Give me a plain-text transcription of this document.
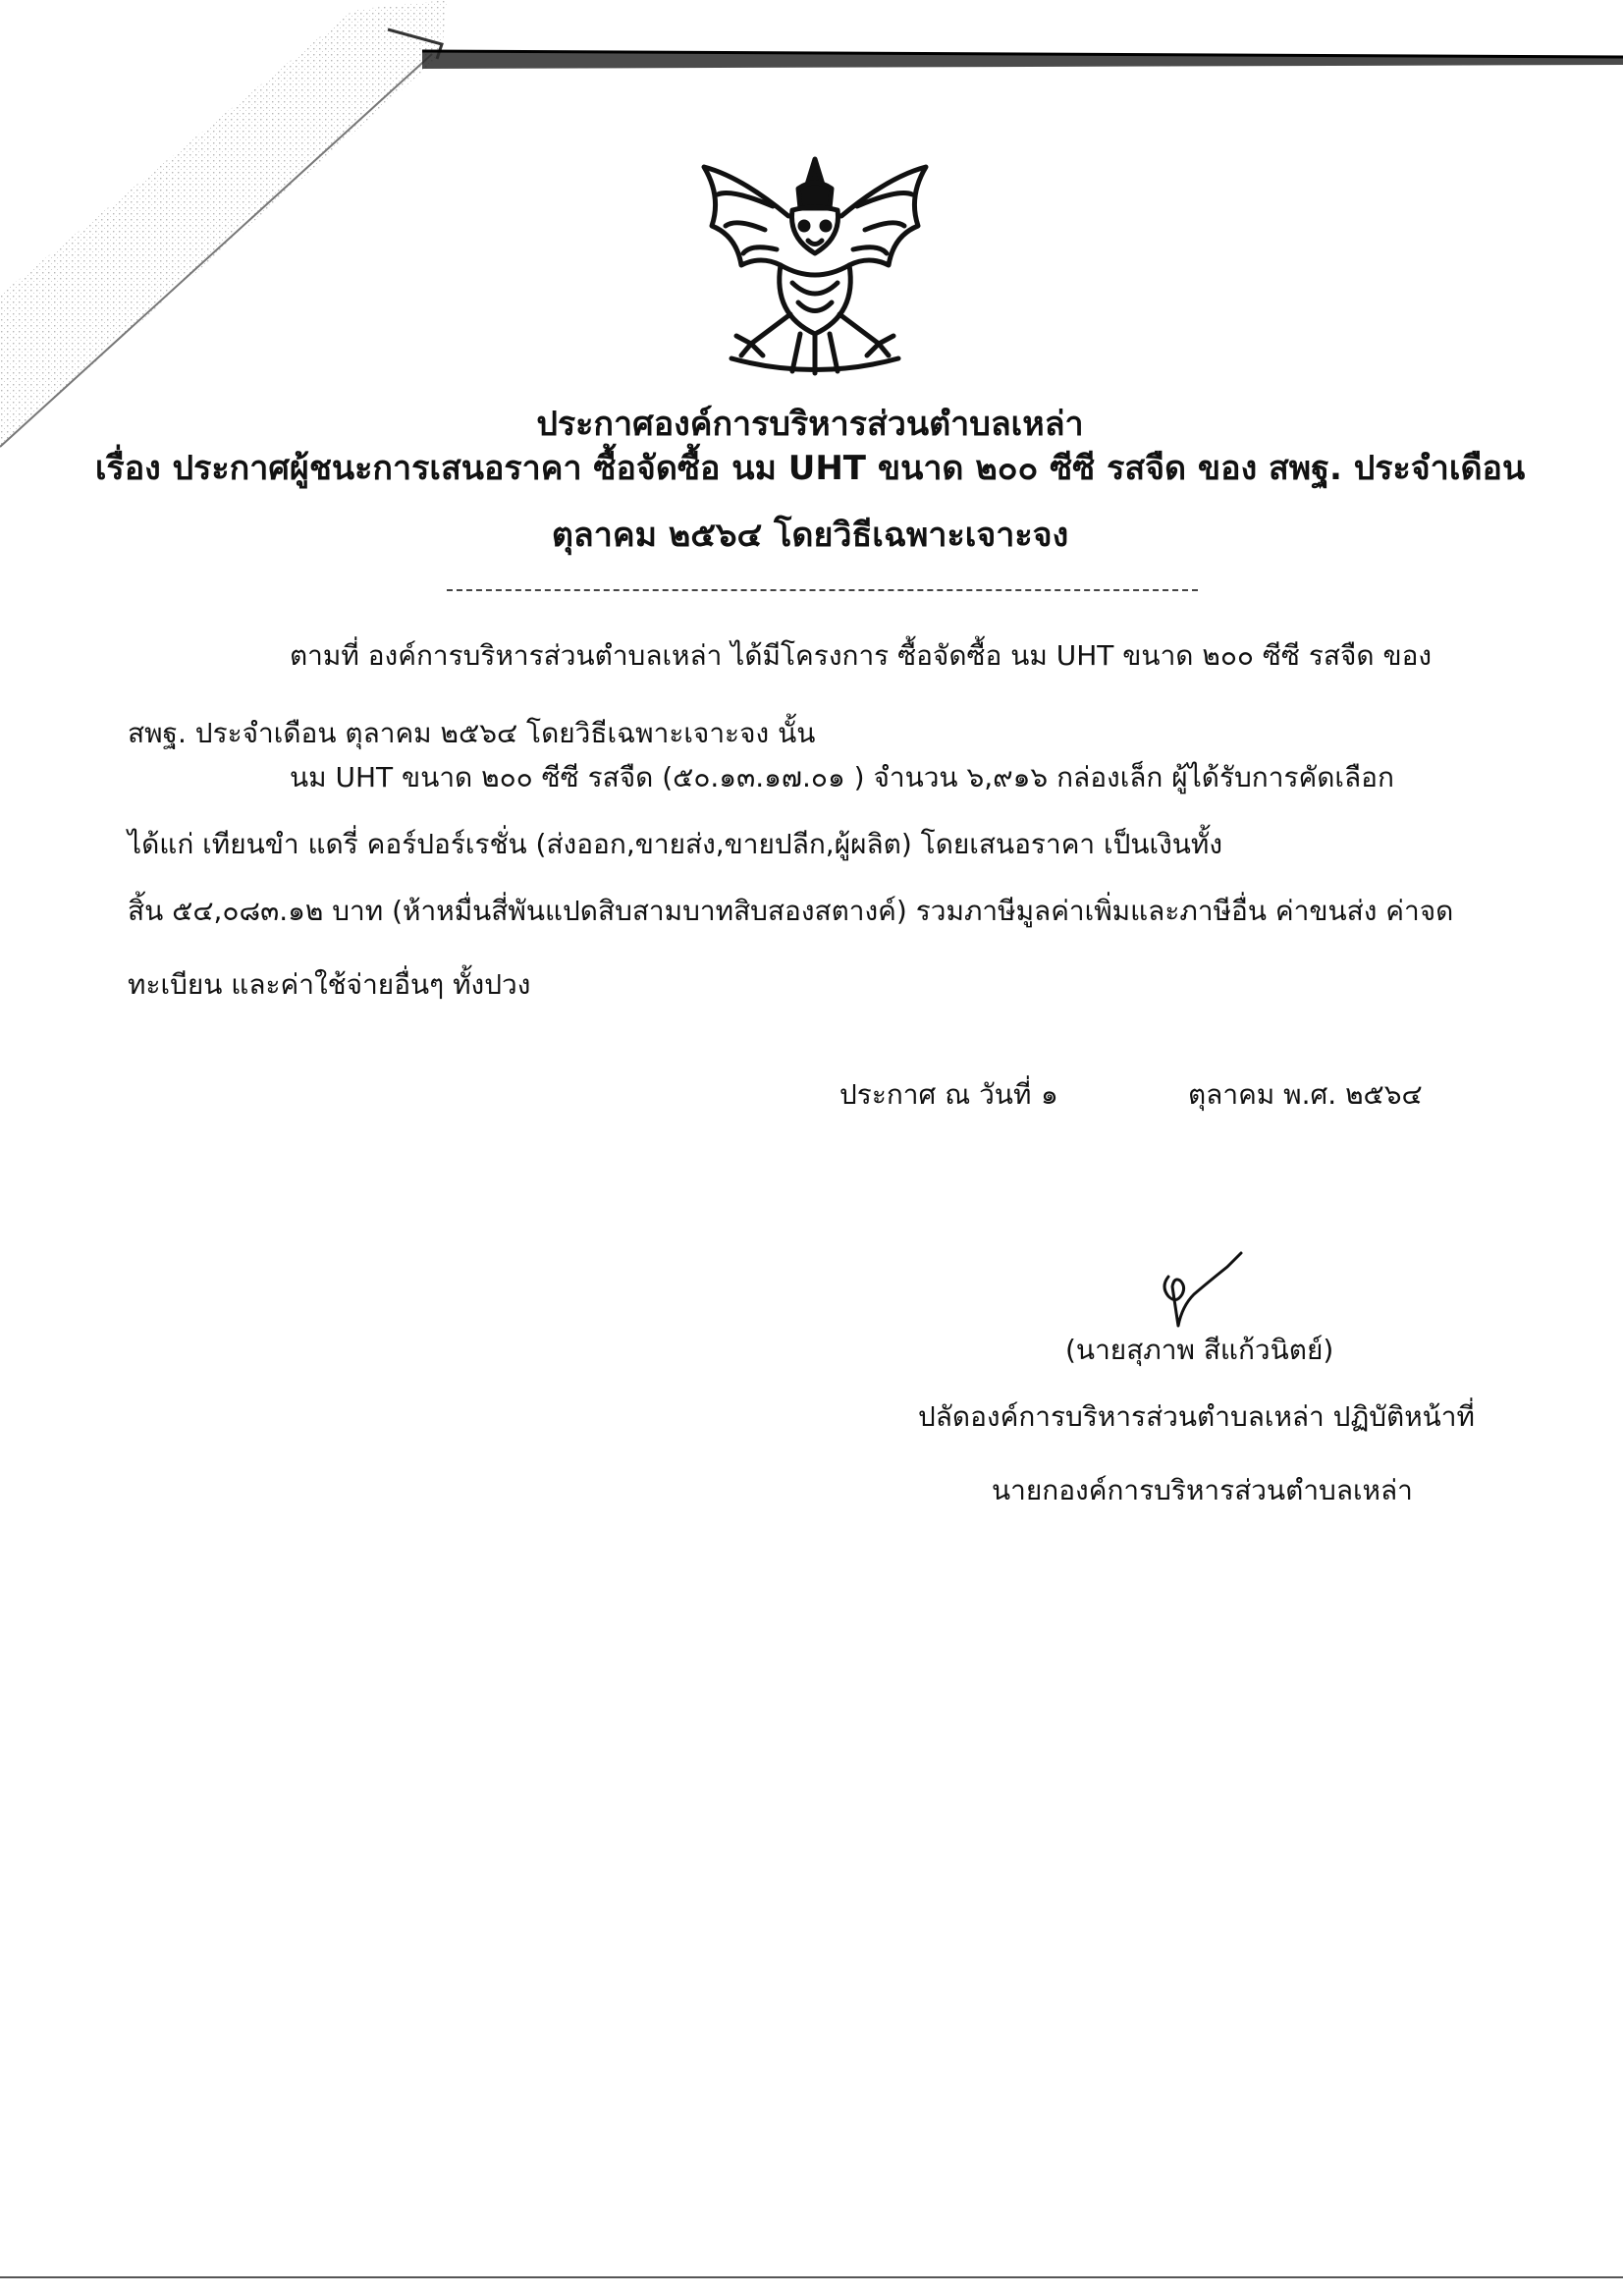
ประกาศองค์การบริหารส่วนตำบลเหล่า
เรื่อง ประกาศผู้ชนะการเสนอราคา ซื้อจัดซื้อ นม UHT ขนาด ๒๐๐ ซีซี รสจืด ของ สพฐ. ประจำเดือน
ตุลาคม ๒๕๖๔ โดยวิธีเฉพาะเจาะจง
ตามที่ องค์การบริหารส่วนตำบลเหล่า ได้มีโครงการ ซื้อจัดซื้อ นม UHT ขนาด ๒๐๐ ซีซี รสจืด ของ
สพฐ. ประจำเดือน ตุลาคม ๒๕๖๔ โดยวิธีเฉพาะเจาะจง นั้น
นม UHT ขนาด ๒๐๐ ซีซี รสจืด (๕๐.๑๓.๑๗.๐๑ ) จำนวน ๖,๙๑๖ กล่องเล็ก ผู้ได้รับการคัดเลือก
ได้แก่ เทียนขำ แดรี่ คอร์ปอร์เรชั่น (ส่งออก,ขายส่ง,ขายปลีก,ผู้ผลิต) โดยเสนอราคา เป็นเงินทั้ง
สิ้น ๕๔,๐๘๓.๑๒ บาท (ห้าหมื่นสี่พันแปดสิบสามบาทสิบสองสตางค์) รวมภาษีมูลค่าเพิ่มและภาษีอื่น ค่าขนส่ง ค่าจด
ทะเบียน และค่าใช้จ่ายอื่นๆ ทั้งปวง
ประกาศ ณ วันที่ ๑	ตุลาคม พ.ศ. ๒๕๖๔
(นายสุภาพ สีแก้วนิตย์)
ปลัดองค์การบริหารส่วนตำบลเหล่า ปฏิบัติหน้าที่
นายกองค์การบริหารส่วนตำบลเหล่า
